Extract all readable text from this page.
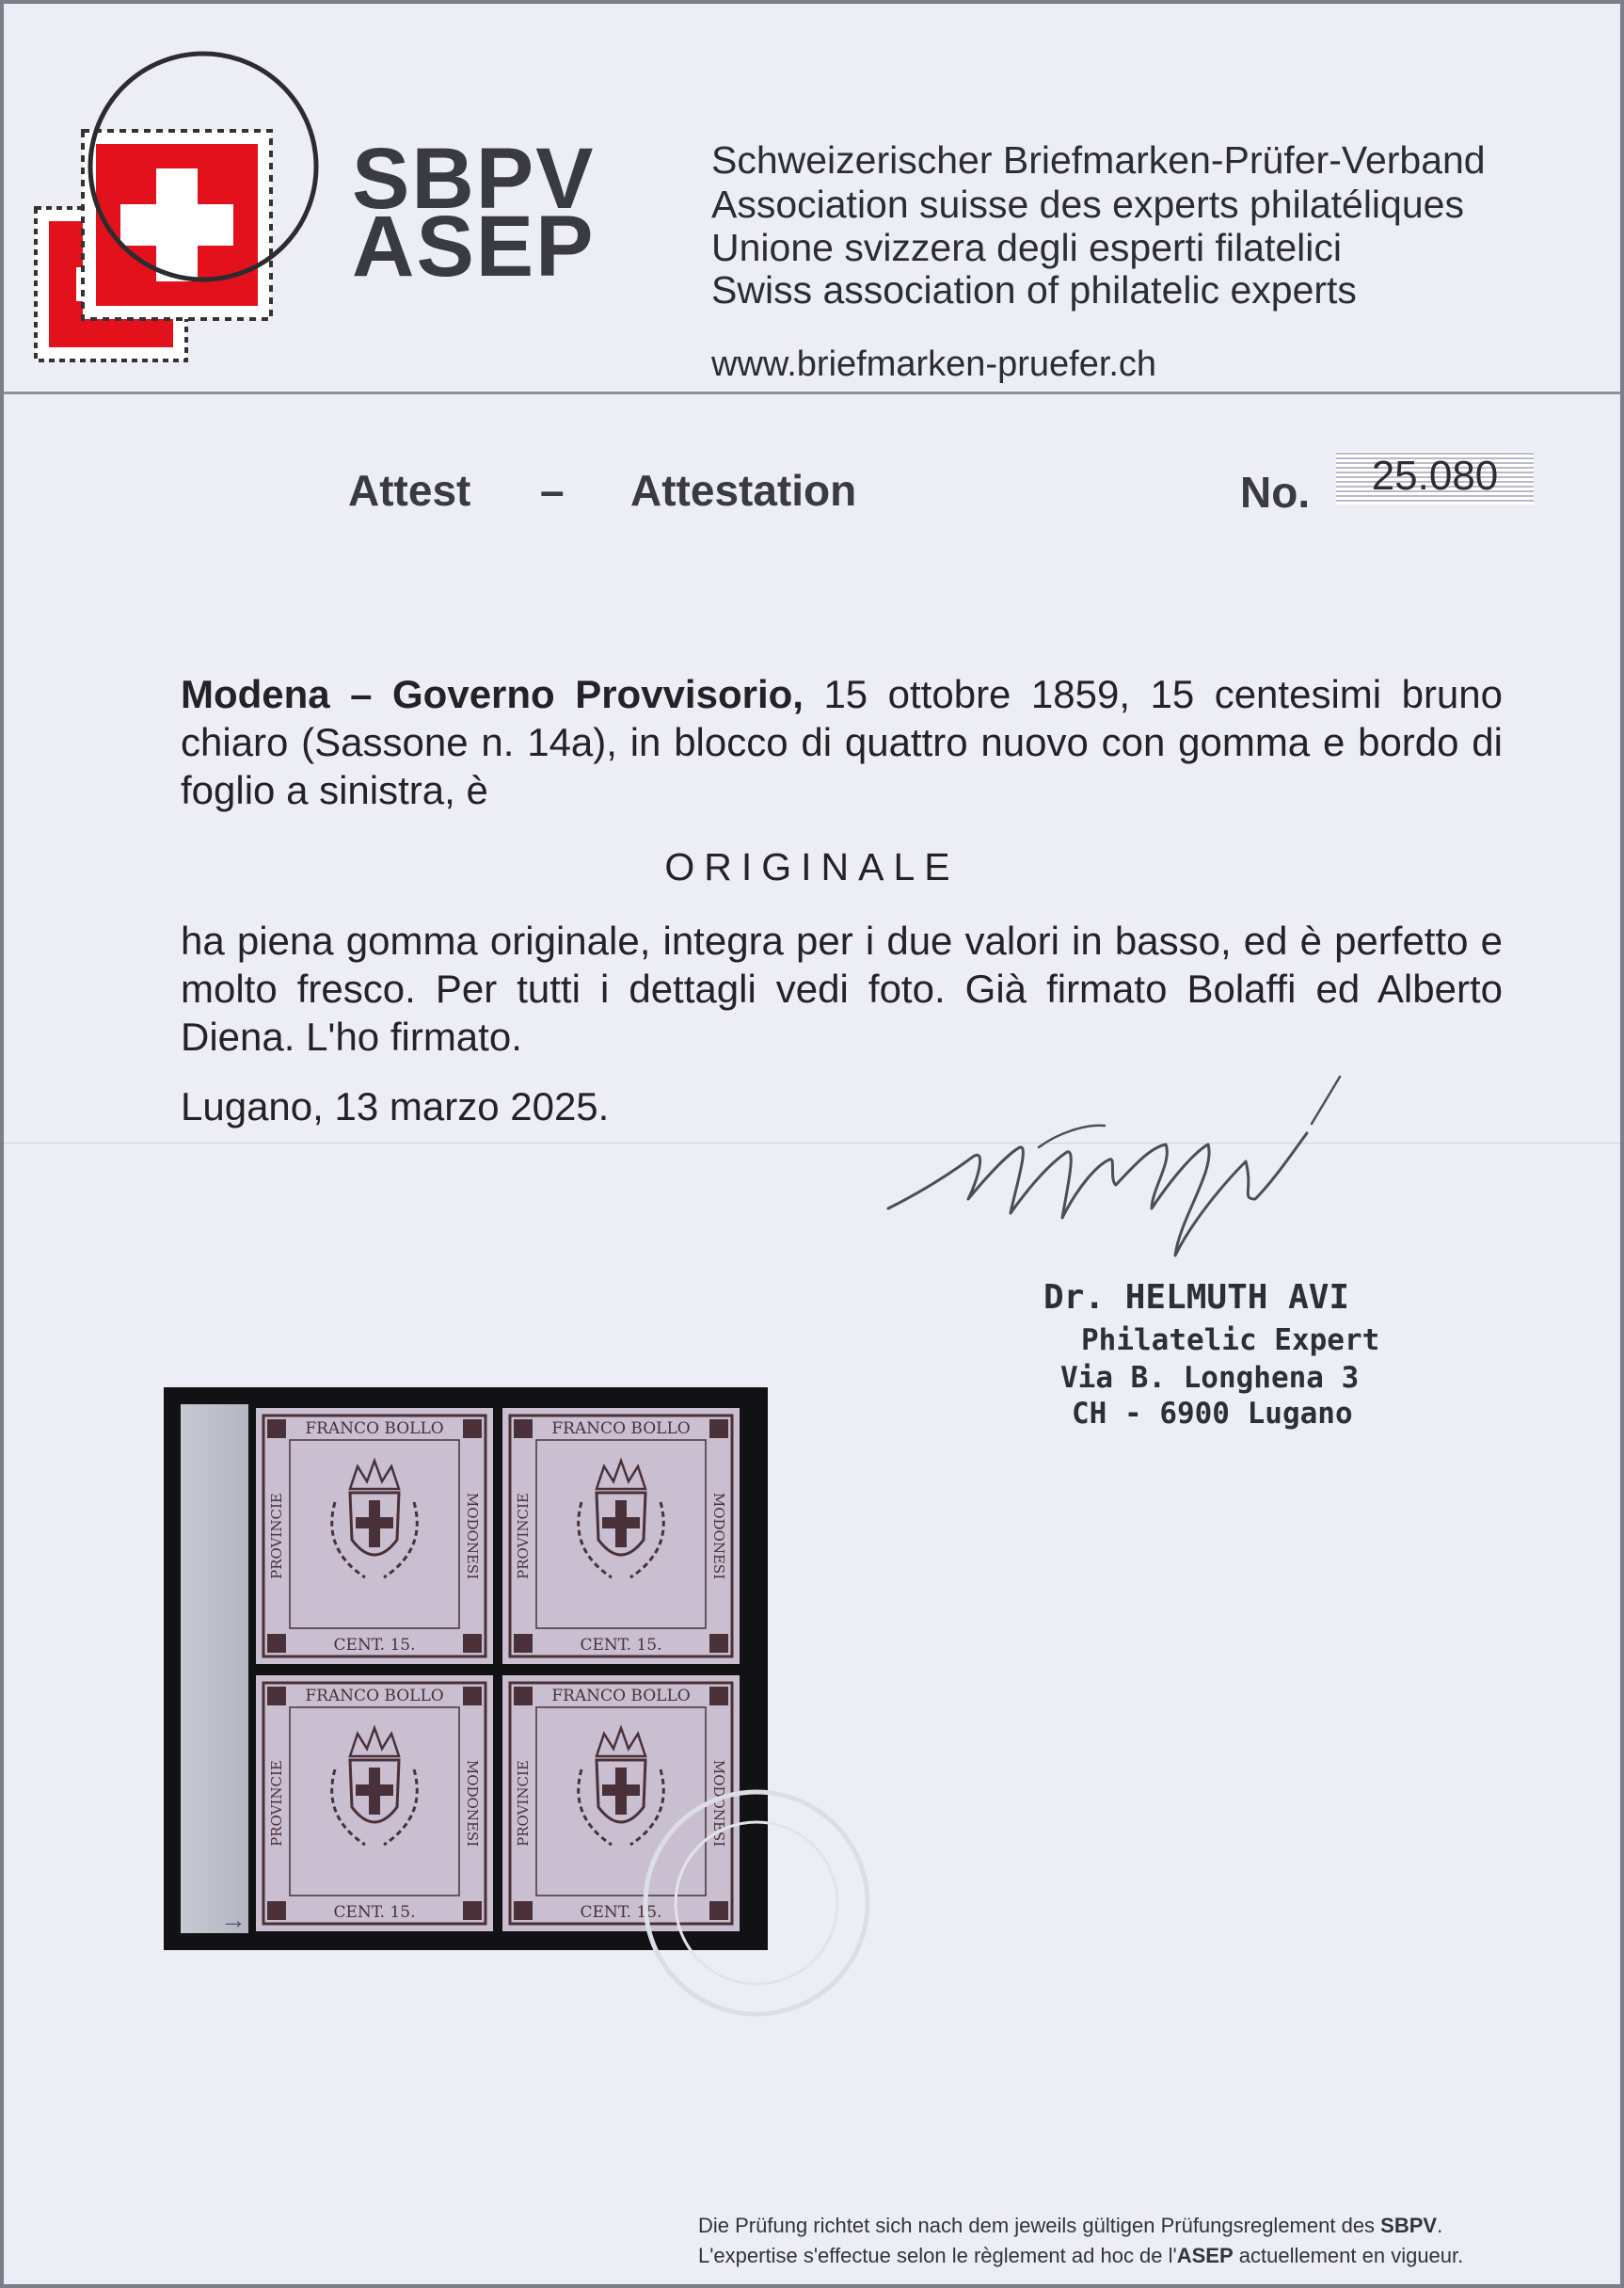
SBPV
ASEP
Schweizerischer Briefmarken-Prüfer-Verband
Association suisse des experts philatéliques
Unione svizzera degli esperti filatelici
Swiss association of philatelic experts
www.briefmarken-pruefer.ch
Attest – Attestation	No.	25.080
Modena – Governo Provvisorio, 15 ottobre 1859, 15 centesimi bruno chiaro (Sassone n. 14a), in blocco di quattro nuovo con gomma e bordo di foglio a sinistra, è
ORIGINALE
ha piena gomma originale, integra per i due valori in basso, ed è perfetto e molto fresco. Per tutti i dettagli vedi foto. Già firmato Bolaffi ed Alberto Diena. L'ho firmato.
Lugano, 13 marzo 2025.
Dr. HELMUTH AVI
Philatelic Expert
Via B. Longhena 3
CH - 6900 Lugano
→
FRANCO BOLLO
CENT. 15.
PROVINCIE	MODONESI
FRANCO BOLLO
CENT. 15.
PROVINCIE	MODONESI
FRANCO BOLLO
CENT. 15.
PROVINCIE	MODONESI
FRANCO BOLLO
CENT. 15.
PROVINCIE	MODONESI
Die Prüfung richtet sich nach dem jeweils gültigen Prüfungsreglement des SBPV.
L'expertise s'effectue selon le règlement ad hoc de l'ASEP actuellement en vigueur.
